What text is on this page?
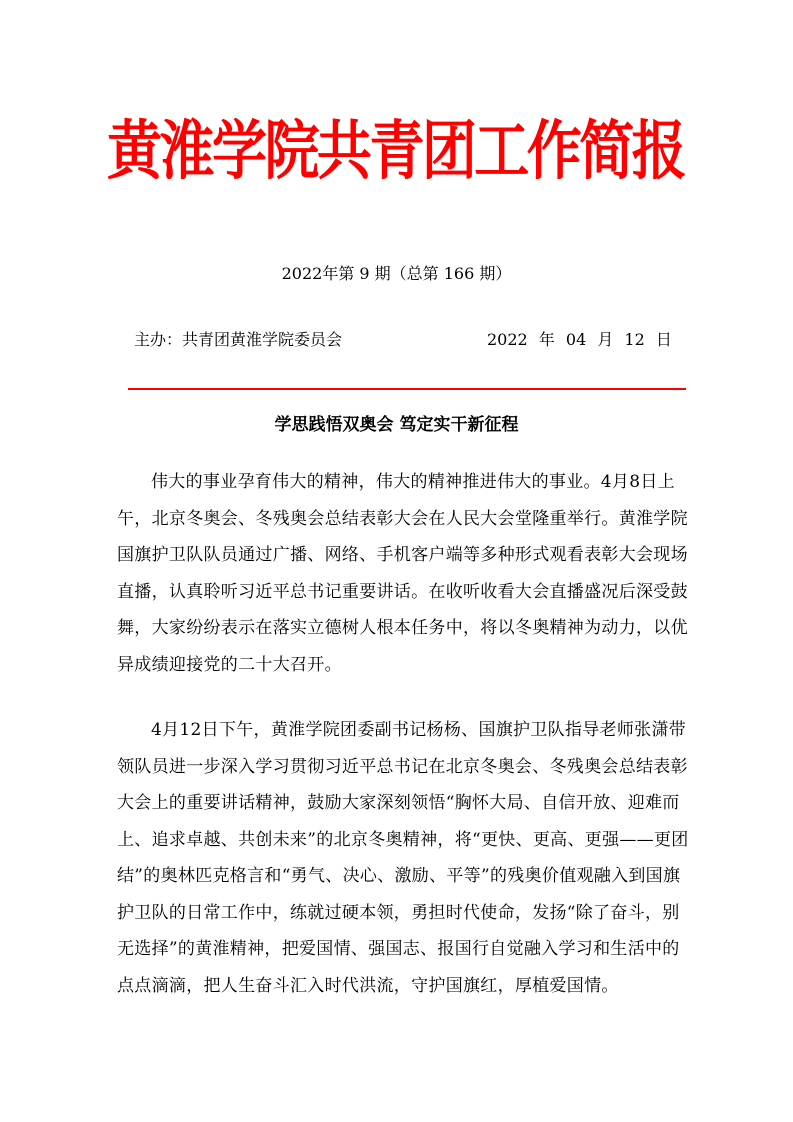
黄淮学院共青团工作简报
2022年第 9 期（总第 166 期）
主办：共青团黄淮学院委员会	2022 年 04 月 12 日
学思践悟双奥会 笃定实干新征程

伟大的事业孕育伟大的精神，伟大的精神推进伟大的事业。4月8日上午，北京冬奥会、冬残奥会总结表彰大会在人民大会堂隆重举行。黄淮学院国旗护卫队队员通过广播、网络、手机客户端等多种形式观看表彰大会现场直播，认真聆听习近平总书记重要讲话。在收听收看大会直播盛况后深受鼓舞，大家纷纷表示在落实立德树人根本任务中，将以冬奥精神为动力，以优异成绩迎接党的二十大召开。

4月12日下午，黄淮学院团委副书记杨杨、国旗护卫队指导老师张潇带领队员进一步深入学习贯彻习近平总书记在北京冬奥会、冬残奥会总结表彰大会上的重要讲话精神，鼓励大家深刻领悟“胸怀大局、自信开放、迎难而上、追求卓越、共创未来”的北京冬奥精神，将“更快、更高、更强——更团结”的奥林匹克格言和“勇气、决心、激励、平等”的残奥价值观融入到国旗护卫队的日常工作中，练就过硬本领，勇担时代使命，发扬“除了奋斗，别无选择”的黄淮精神，把爱国情、强国志、报国行自觉融入学习和生活中的点点滴滴，把人生奋斗汇入时代洪流，守护国旗红，厚植爱国情。
